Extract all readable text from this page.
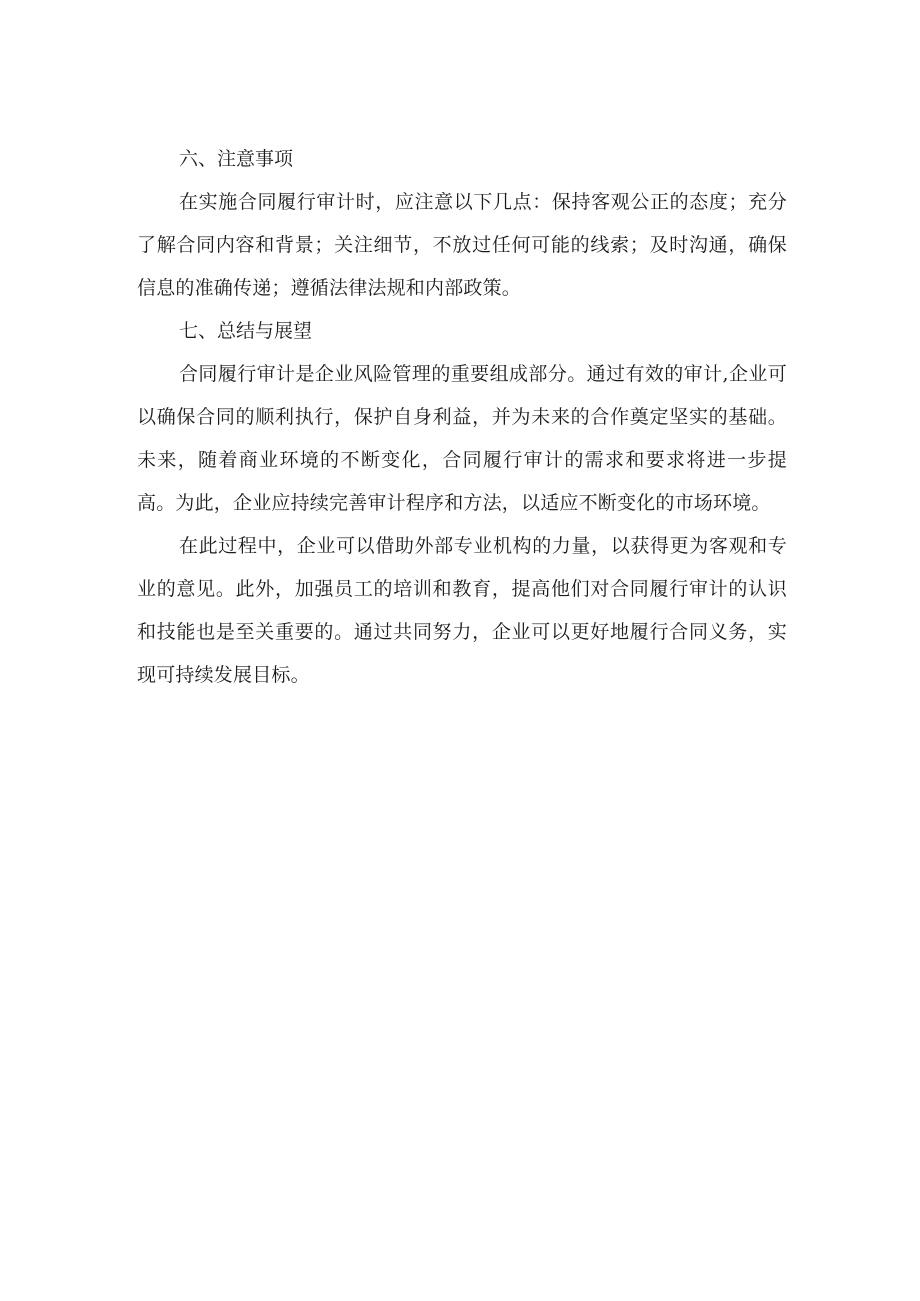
六、注意事项

在实施合同履行审计时，应注意以下几点：保持客观公正的态度；充分了解合同内容和背景；关注细节，不放过任何可能的线索；及时沟通，确保信息的准确传递；遵循法律法规和内部政策。

七、总结与展望

合同履行审计是企业风险管理的重要组成部分。通过有效的审计,企业可以确保合同的顺利执行，保护自身利益，并为未来的合作奠定坚实的基础。未来，随着商业环境的不断变化，合同履行审计的需求和要求将进一步提高。为此，企业应持续完善审计程序和方法，以适应不断变化的市场环境。

在此过程中，企业可以借助外部专业机构的力量，以获得更为客观和专业的意见。此外，加强员工的培训和教育，提高他们对合同履行审计的认识和技能也是至关重要的。通过共同努力，企业可以更好地履行合同义务，实现可持续发展目标。
